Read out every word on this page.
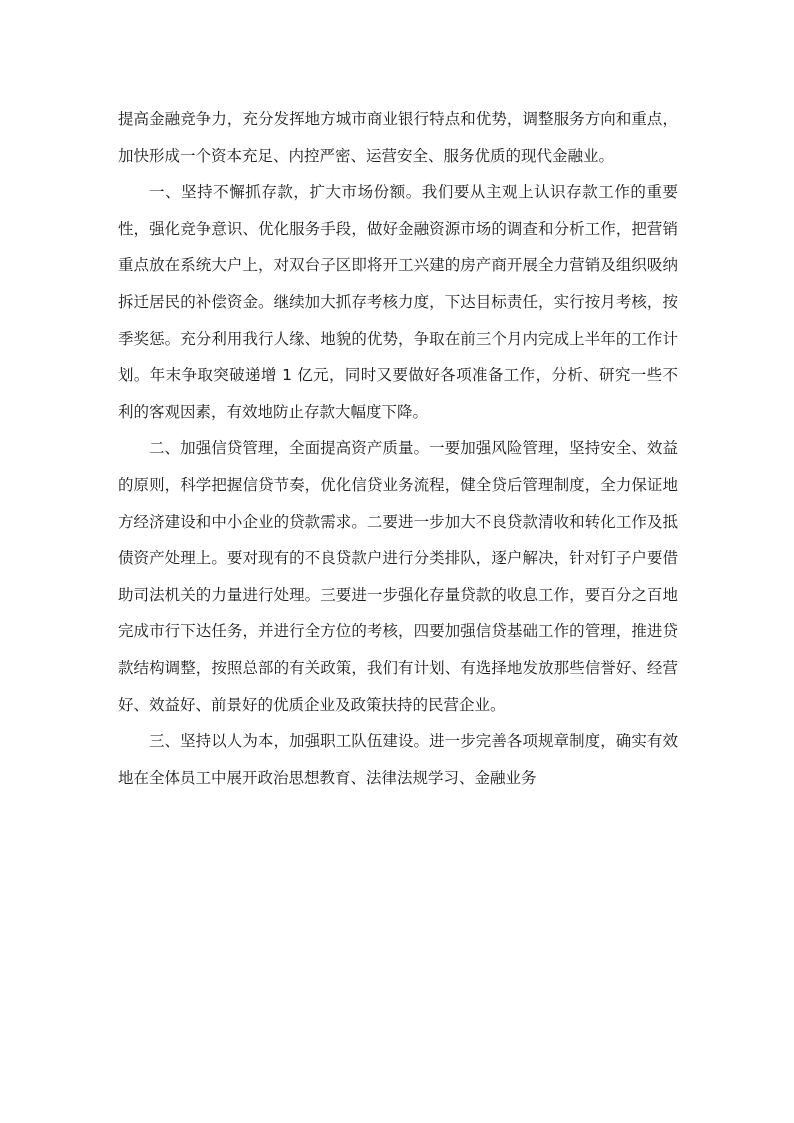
提高金融竞争力，充分发挥地方城市商业银行特点和优势，调整服务方向和重点，加快形成一个资本充足、内控严密、运营安全、服务优质的现代金融业。

一、坚持不懈抓存款，扩大市场份额。我们要从主观上认识存款工作的重要性，强化竞争意识、优化服务手段，做好金融资源市场的调查和分析工作，把营销重点放在系统大户上，对双台子区即将开工兴建的房产商开展全力营销及组织吸纳拆迁居民的补偿资金。继续加大抓存考核力度，下达目标责任，实行按月考核，按季奖惩。充分利用我行人缘、地貌的优势，争取在前三个月内完成上半年的工作计划。年末争取突破递增 1 亿元，同时又要做好各项准备工作，分析、研究一些不利的客观因素，有效地防止存款大幅度下降。

二、加强信贷管理，全面提高资产质量。一要加强风险管理，坚持安全、效益的原则，科学把握信贷节奏，优化信贷业务流程，健全贷后管理制度，全力保证地方经济建设和中小企业的贷款需求。二要进一步加大不良贷款清收和转化工作及抵债资产处理上。要对现有的不良贷款户进行分类排队，逐户解决，针对钉子户要借助司法机关的力量进行处理。三要进一步强化存量贷款的收息工作，要百分之百地完成市行下达任务，并进行全方位的考核，四要加强信贷基础工作的管理，推进贷款结构调整，按照总部的有关政策，我们有计划、有选择地发放那些信誉好、经营好、效益好、前景好的优质企业及政策扶持的民营企业。

三、坚持以人为本，加强职工队伍建设。进一步完善各项规章制度，确实有效地在全体员工中展开政治思想教育、法律法规学习、金融业务
